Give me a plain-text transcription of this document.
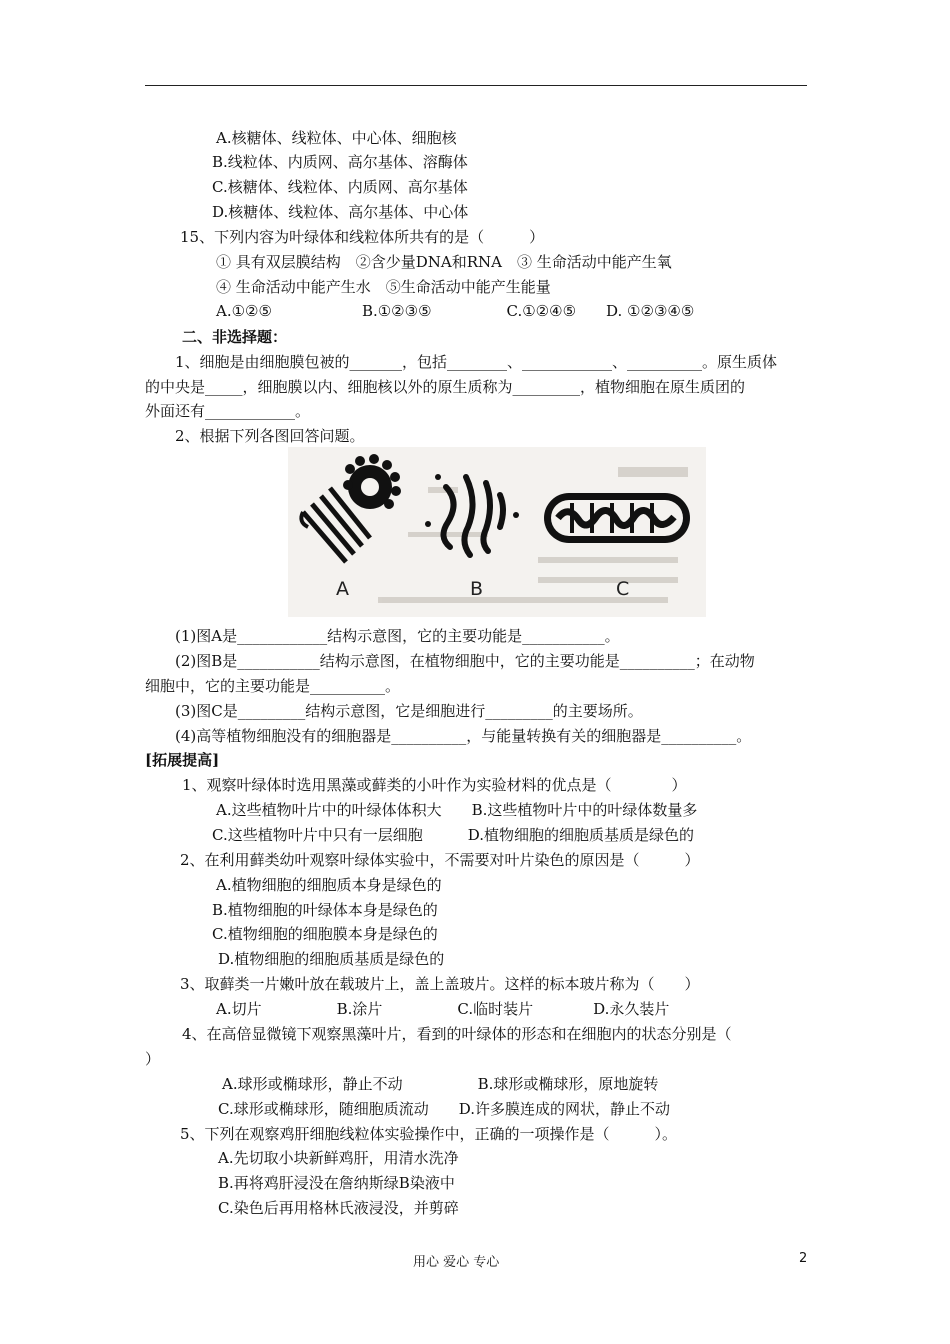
A.核糖体、线粒体、中心体、细胞核
B.线粒体、内质网、高尔基体、溶酶体
C.核糖体、线粒体、内质网、高尔基体
D.核糖体、线粒体、高尔基体、中心体
15、下列内容为叶绿体和线粒体所共有的是（　　　）
① 具有双层膜结构　②含少量DNA和RNA　③ 生命活动中能产生氧
④ 生命活动中能产生水　⑤生命活动中能产生能量
A.①②⑤　　　　　　B.①②③⑤　　　　　C.①②④⑤　　D. ①②③④⑤
二、非选择题：
1、细胞是由细胞膜包被的_______，包括________、____________、__________。原生质体
的中央是_____，细胞膜以内、细胞核以外的原生质称为_________，植物细胞在原生质团的
外面还有____________。
2、根据下列各图回答问题。
(1)图A是____________结构示意图，它的主要功能是___________。
(2)图B是___________结构示意图，在植物细胞中，它的主要功能是__________；在动物
细胞中，它的主要功能是__________。
(3)图C是_________结构示意图，它是细胞进行_________的主要场所。
(4)高等植物细胞没有的细胞器是__________，与能量转换有关的细胞器是__________。
[拓展提高]
1、观察叶绿体时选用黑藻或藓类的小叶作为实验材料的优点是（　　　　）
A.这些植物叶片中的叶绿体体积大　　B.这些植物叶片中的叶绿体数量多
C.这些植物叶片中只有一层细胞　　　D.植物细胞的细胞质基质是绿色的
2、在利用藓类幼叶观察叶绿体实验中，不需要对叶片染色的原因是（　　　）
A.植物细胞的细胞质本身是绿色的
B.植物细胞的叶绿体本身是绿色的
C.植物细胞的细胞膜本身是绿色的
D.植物细胞的细胞质基质是绿色的
3、取藓类一片嫩叶放在载玻片上，盖上盖玻片。这样的标本玻片称为（　　）
A.切片　　　　　B.涂片　　　　　C.临时装片　　　　D.永久装片
4、在高倍显微镜下观察黑藻叶片，看到的叶绿体的形态和在细胞内的状态分别是（
）
A.球形或椭球形，静止不动　　　　　B.球形或椭球形，原地旋转
C.球形或椭球形，随细胞质流动　　D.许多膜连成的网状，静止不动
5、下列在观察鸡肝细胞线粒体实验操作中，正确的一项操作是（　　　）。
A.先切取小块新鲜鸡肝，用清水洗净
B.再将鸡肝浸没在詹纳斯绿B染液中
C.染色后再用格林氏液浸没，并剪碎
A	B	C
用心 爱心 专心	2
